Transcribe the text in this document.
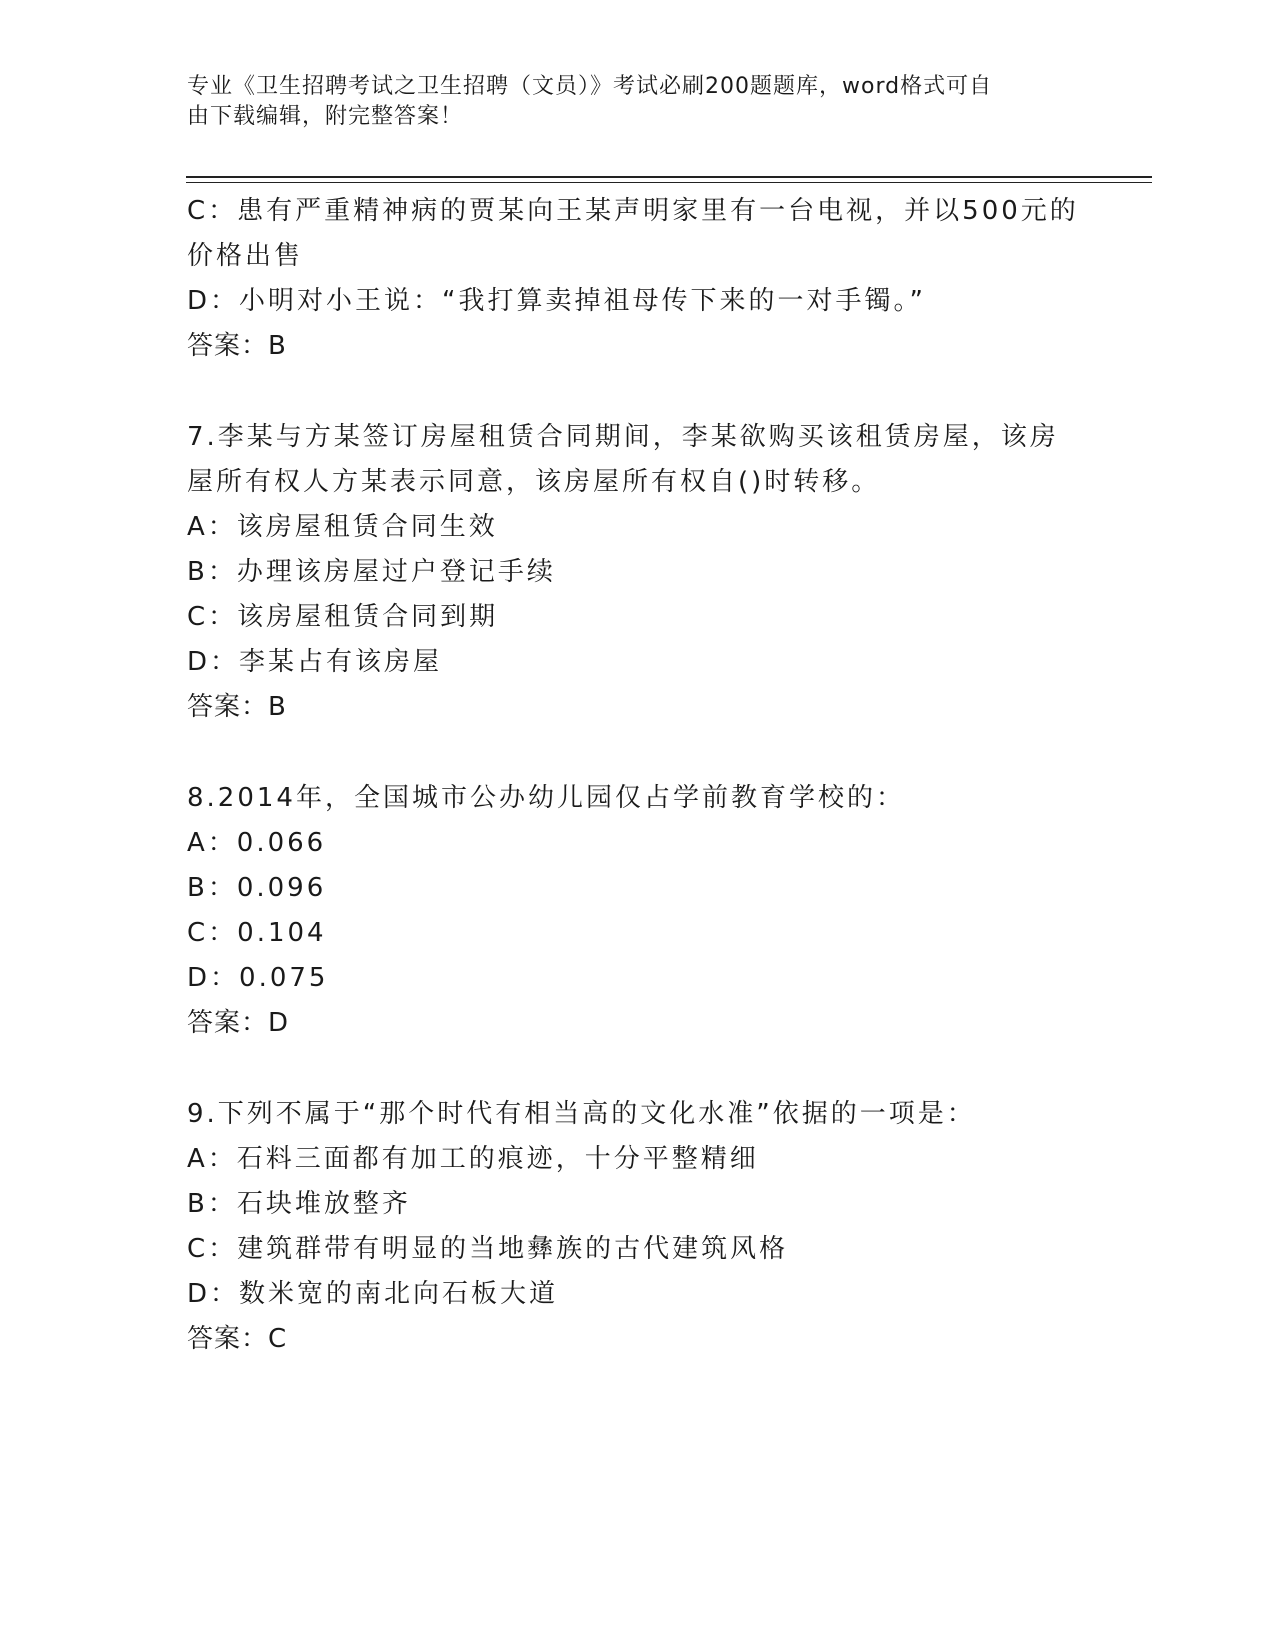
专业《卫生招聘考试之卫生招聘（文员）》考试必刷200题题库，word格式可自
由下载编辑，附完整答案！
C：患有严重精神病的贾某向王某声明家里有一台电视，并以500元的
价格出售
D：小明对小王说：“我打算卖掉祖母传下来的一对手镯。”
答案：B
7.李某与方某签订房屋租赁合同期间，李某欲购买该租赁房屋，该房
屋所有权人方某表示同意，该房屋所有权自()时转移。
A：该房屋租赁合同生效
B：办理该房屋过户登记手续
C：该房屋租赁合同到期
D：李某占有该房屋
答案：B
8.2014年，全国城市公办幼儿园仅占学前教育学校的：
A：0.066
B：0.096
C：0.104
D：0.075
答案：D
9.下列不属于“那个时代有相当高的文化水准”依据的一项是：
A：石料三面都有加工的痕迹，十分平整精细
B：石块堆放整齐
C：建筑群带有明显的当地彝族的古代建筑风格
D：数米宽的南北向石板大道
答案：C
